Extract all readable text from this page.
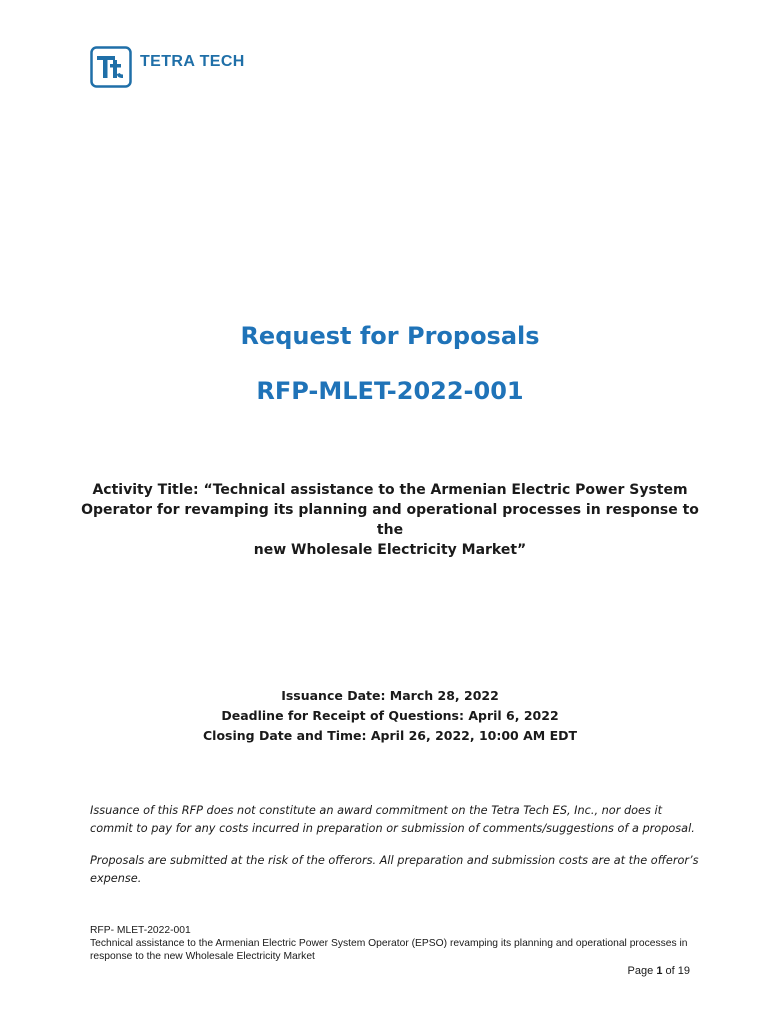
TETRA TECH
Request for Proposals
RFP-MLET-2022-001
Activity Title: “Technical assistance to the Armenian Electric Power System
Operator for revamping its planning and operational processes in response to the
new Wholesale Electricity Market”
Issuance Date: March 28, 2022
Deadline for Receipt of Questions: April 6, 2022
Closing Date and Time: April 26, 2022, 10:00 AM EDT
Issuance of this RFP does not constitute an award commitment on the Tetra Tech ES, Inc., nor does it commit to pay for any costs incurred in preparation or submission of comments/suggestions of a proposal.
Proposals are submitted at the risk of the offerors. All preparation and submission costs are at the offeror’s expense.
RFP- MLET-2022-001
Technical assistance to the Armenian Electric Power System Operator (EPSO) revamping its planning and operational processes in response to the new Wholesale Electricity Market
Page 1 of 19
